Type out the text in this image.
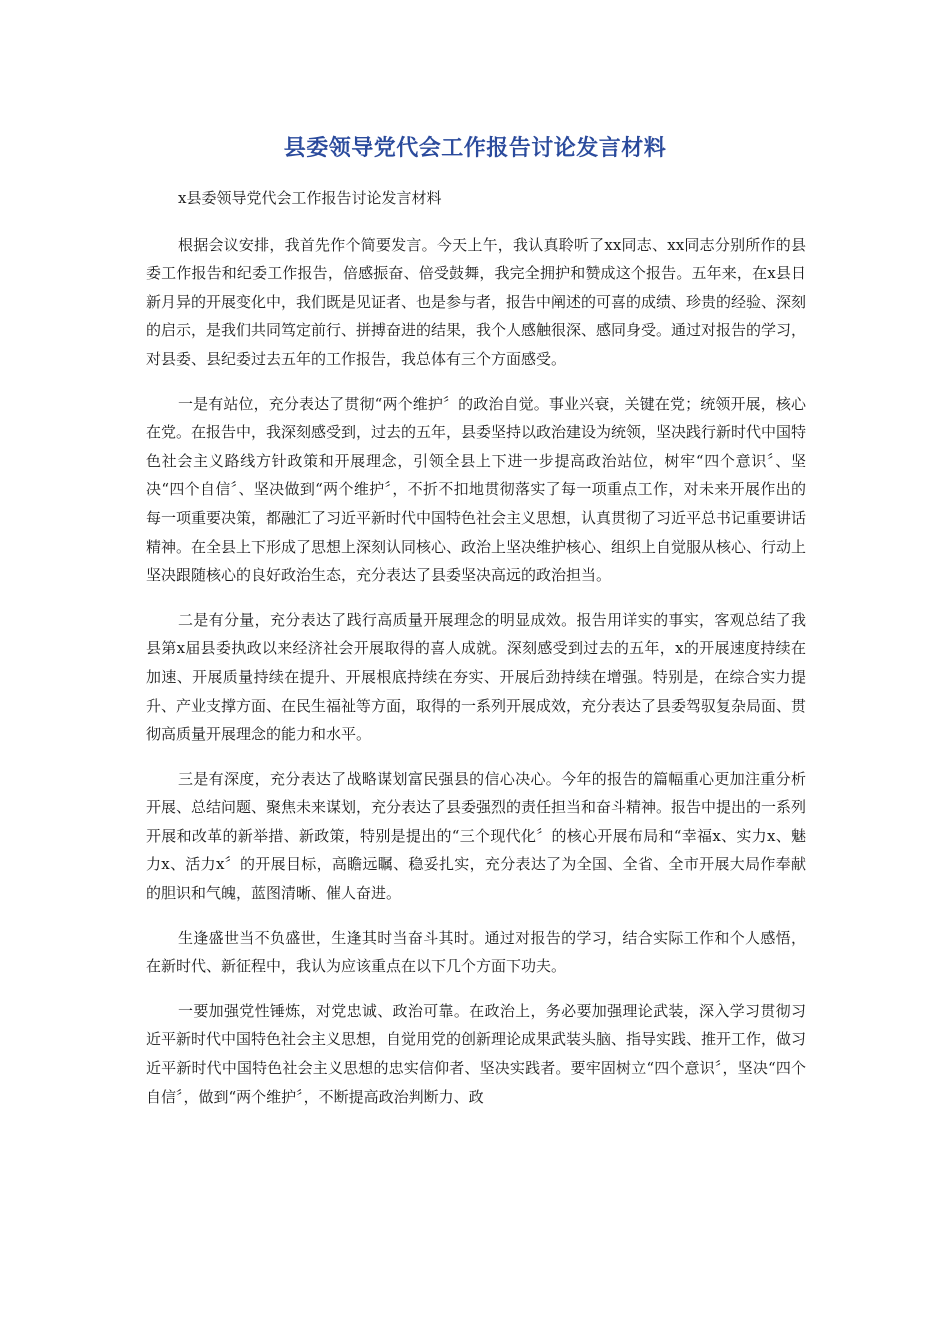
县委领导党代会工作报告讨论发言材料

x县委领导党代会工作报告讨论发言材料

根据会议安排，我首先作个简要发言。今天上午，我认真聆听了xx同志、xx同志分别所作的县委工作报告和纪委工作报告，倍感振奋、倍受鼓舞，我完全拥护和赞成这个报告。五年来，在x县日新月异的开展变化中，我们既是见证者、也是参与者，报告中阐述的可喜的成绩、珍贵的经验、深刻的启示，是我们共同笃定前行、拼搏奋进的结果，我个人感触很深、感同身受。通过对报告的学习，对县委、县纪委过去五年的工作报告，我总体有三个方面感受。

一是有站位，充分表达了贯彻“两个维护〞的政治自觉。事业兴衰，关键在党；统领开展，核心在党。在报告中，我深刻感受到，过去的五年，县委坚持以政治建设为统领，坚决践行新时代中国特色社会主义路线方针政策和开展理念，引领全县上下进一步提高政治站位，树牢“四个意识〞、坚决“四个自信〞、坚决做到“两个维护〞，不折不扣地贯彻落实了每一项重点工作，对未来开展作出的每一项重要决策，都融汇了习近平新时代中国特色社会主义思想，认真贯彻了习近平总书记重要讲话精神。在全县上下形成了思想上深刻认同核心、政治上坚决维护核心、组织上自觉服从核心、行动上坚决跟随核心的良好政治生态，充分表达了县委坚决高远的政治担当。

二是有分量，充分表达了践行高质量开展理念的明显成效。报告用详实的事实，客观总结了我县第x届县委执政以来经济社会开展取得的喜人成就。深刻感受到过去的五年，x的开展速度持续在加速、开展质量持续在提升、开展根底持续在夯实、开展后劲持续在增强。特别是，在综合实力提升、产业支撑方面、在民生福祉等方面，取得的一系列开展成效，充分表达了县委驾驭复杂局面、贯彻高质量开展理念的能力和水平。

三是有深度，充分表达了战略谋划富民强县的信心决心。今年的报告的篇幅重心更加注重分析开展、总结问题、聚焦未来谋划，充分表达了县委强烈的责任担当和奋斗精神。报告中提出的一系列开展和改革的新举措、新政策，特别是提出的“三个现代化〞的核心开展布局和“幸福x、实力x、魅力x、活力x〞的开展目标，高瞻远瞩、稳妥扎实，充分表达了为全国、全省、全市开展大局作奉献的胆识和气魄，蓝图清晰、催人奋进。

生逢盛世当不负盛世，生逢其时当奋斗其时。通过对报告的学习，结合实际工作和个人感悟，在新时代、新征程中，我认为应该重点在以下几个方面下功夫。

一要加强党性锤炼，对党忠诚、政治可靠。在政治上，务必要加强理论武装，深入学习贯彻习近平新时代中国特色社会主义思想，自觉用党的创新理论成果武装头脑、指导实践、推开工作，做习近平新时代中国特色社会主义思想的忠实信仰者、坚决实践者。要牢固树立“四个意识〞，坚决“四个自信〞，做到“两个维护〞，不断提高政治判断力、政
